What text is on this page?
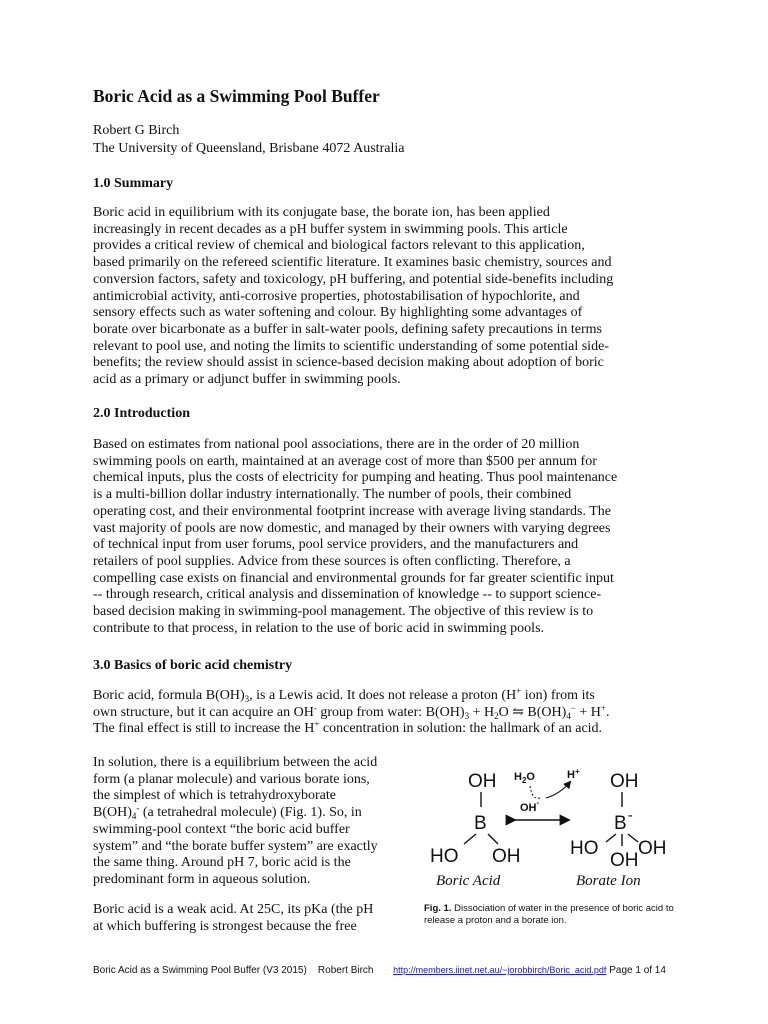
Boric Acid as a Swimming Pool Buffer
Robert G Birch
The University of Queensland, Brisbane 4072 Australia
1.0 Summary

Boric acid in equilibrium with its conjugate base, the borate ion, has been applied
increasingly in recent decades as a pH buffer system in swimming pools. This article
provides a critical review of chemical and biological factors relevant to this application,
based primarily on the refereed scientific literature. It examines basic chemistry, sources and
conversion factors, safety and toxicology, pH buffering, and potential side-benefits including
antimicrobial activity, anti-corrosive properties, photostabilisation of hypochlorite, and
sensory effects such as water softening and colour. By highlighting some advantages of
borate over bicarbonate as a buffer in salt-water pools, defining safety precautions in terms
relevant to pool use, and noting the limits to scientific understanding of some potential side-
benefits; the review should assist in science-based decision making about adoption of boric
acid as a primary or adjunct buffer in swimming pools.

2.0 Introduction

Based on estimates from national pool associations, there are in the order of 20 million
swimming pools on earth, maintained at an average cost of more than $500 per annum for
chemical inputs, plus the costs of electricity for pumping and heating. Thus pool maintenance
is a multi-billion dollar industry internationally. The number of pools, their combined
operating cost, and their environmental footprint increase with average living standards. The
vast majority of pools are now domestic, and managed by their owners with varying degrees
of technical input from user forums, pool service providers, and the manufacturers and
retailers of pool supplies. Advice from these sources is often conflicting. Therefore, a
compelling case exists on financial and environmental grounds for far greater scientific input
-- through research, critical analysis and dissemination of knowledge -- to support science-
based decision making in swimming-pool management. The objective of this review is to
contribute to that process, in relation to the use of boric acid in swimming pools.

3.0 Basics of boric acid chemistry

Boric acid, formula $B(OH)_3$, is a Lewis acid. It does not release a proton (H+ ion) from its
own structure, but it can acquire an OH- group from water: $B(OH)_3 + H_2O$ ⇋ $B(OH)_4^- + H^+$.
The final effect is still to increase the H+ concentration in solution: the hallmark of an acid.

In solution, there is a equilibrium between the acid
form (a planar molecule) and various borate ions,
the simplest of which is tetrahydroxyborate
$B(OH)_4^-$ (a tetrahedral molecule) (Fig. 1). So, in
swimming-pool context “the boric acid buffer
system” and “the borate buffer system” are exactly
the same thing. Around pH 7, boric acid is the
predominant form in aqueous solution.

Boric acid is a weak acid. At 25C, its pKa (the pH
at which buffering is strongest because the free

OH
B
HO OH
$H_2O$	H+
OH-
OH
B-
HO
OH
OH
Boric Acid	Borate Ion
Fig. 1. Dissociation of water in the presence of boric acid to release a proton and a borate ion.
Boric Acid as a Swimming Pool Buffer (V3 2015)    Robert Birch http://members.iinet.net.au/~jorobbirch/Boric_acid.pdf Page 1 of 14
